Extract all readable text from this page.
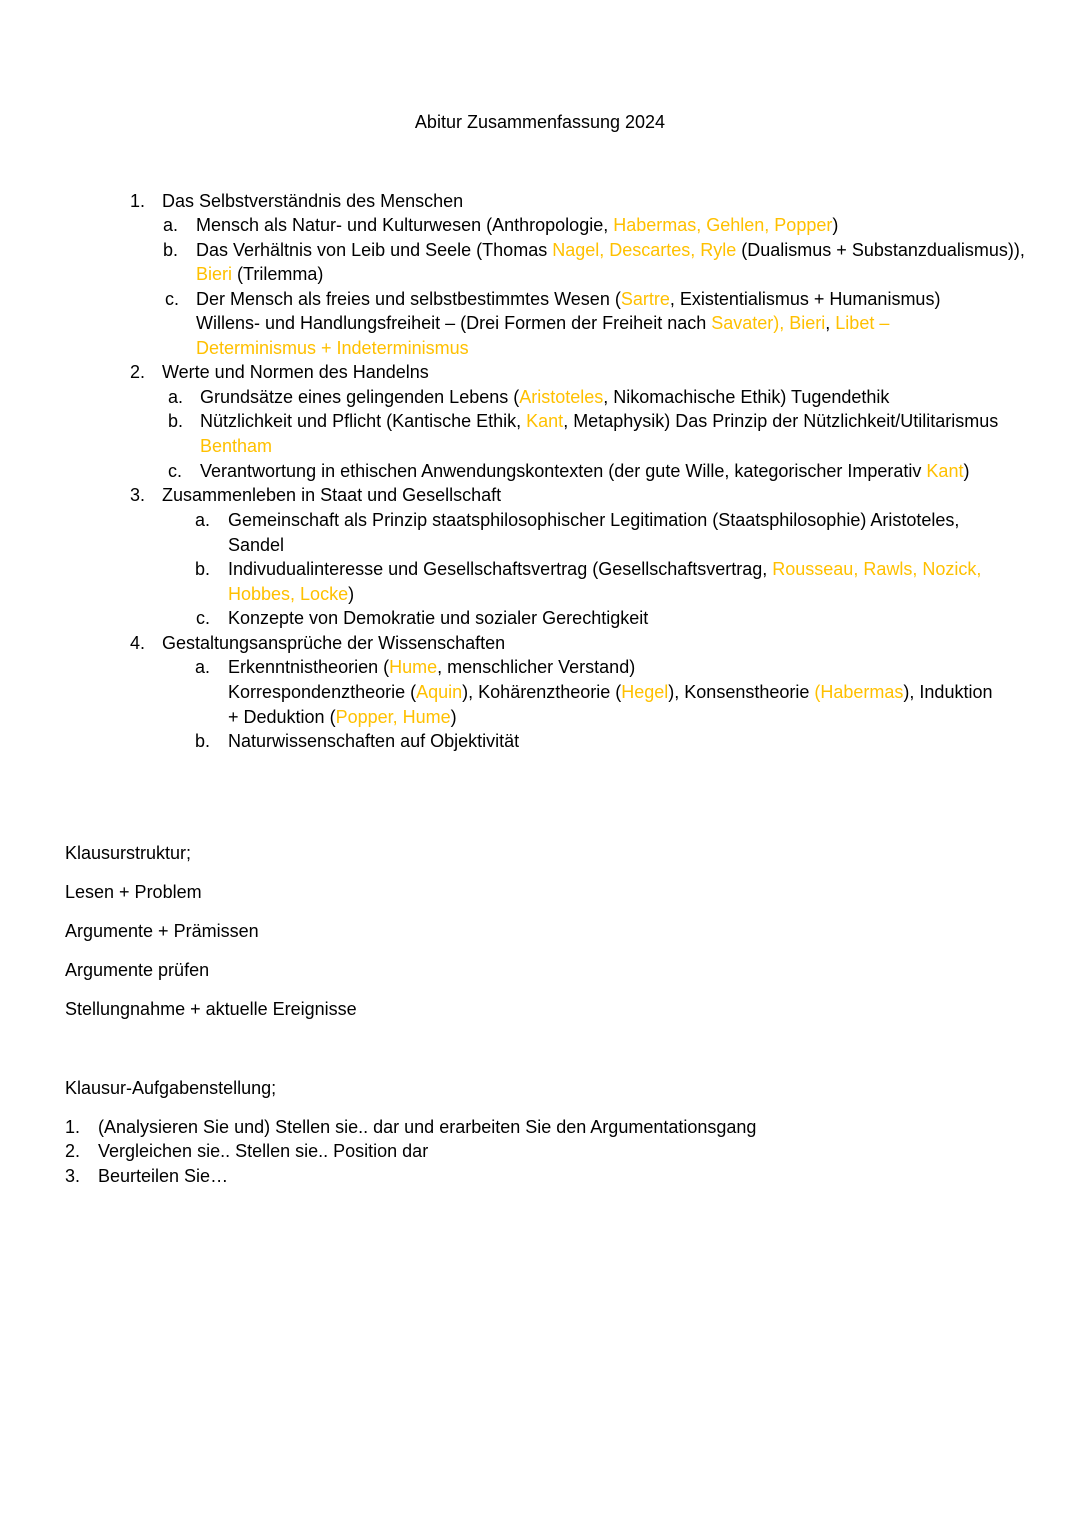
Abitur Zusammenfassung 2024
1. Das Selbstverständnis des Menschen
a. Mensch als Natur- und Kulturwesen (Anthropologie, Habermas, Gehlen, Popper)
b. Das Verhältnis von Leib und Seele (Thomas Nagel, Descartes, Ryle (Dualismus + Substanzdualismus)),
Bieri (Trilemma)
c. Der Mensch als freies und selbstbestimmtes Wesen (Sartre, Existentialismus + Humanismus)
Willens- und Handlungsfreiheit – (Drei Formen der Freiheit nach Savater), Bieri, Libet –
Determinismus + Indeterminismus
2. Werte und Normen des Handelns
a. Grundsätze eines gelingenden Lebens (Aristoteles, Nikomachische Ethik) Tugendethik
b. Nützlichkeit und Pflicht (Kantische Ethik, Kant, Metaphysik) Das Prinzip der Nützlichkeit/Utilitarismus
Bentham
c. Verantwortung in ethischen Anwendungskontexten (der gute Wille, kategorischer Imperativ Kant)
3. Zusammenleben in Staat und Gesellschaft
a. Gemeinschaft als Prinzip staatsphilosophischer Legitimation (Staatsphilosophie) Aristoteles,
Sandel
b. Indivudualinteresse und Gesellschaftsvertrag (Gesellschaftsvertrag, Rousseau, Rawls, Nozick,
Hobbes, Locke)
c. Konzepte von Demokratie und sozialer Gerechtigkeit
4. Gestaltungsansprüche der Wissenschaften
a. Erkenntnistheorien (Hume, menschlicher Verstand)
Korrespondenztheorie (Aquin), Kohärenztheorie (Hegel), Konsenstheorie (Habermas), Induktion
+ Deduktion (Popper, Hume)
b. Naturwissenschaften auf Objektivität
Klausurstruktur;
Lesen + Problem
Argumente + Prämissen
Argumente prüfen
Stellungnahme + aktuelle Ereignisse
Klausur-Aufgabenstellung;
1. (Analysieren Sie und) Stellen sie.. dar und erarbeiten Sie den Argumentationsgang
2. Vergleichen sie.. Stellen sie.. Position dar
3. Beurteilen Sie…
